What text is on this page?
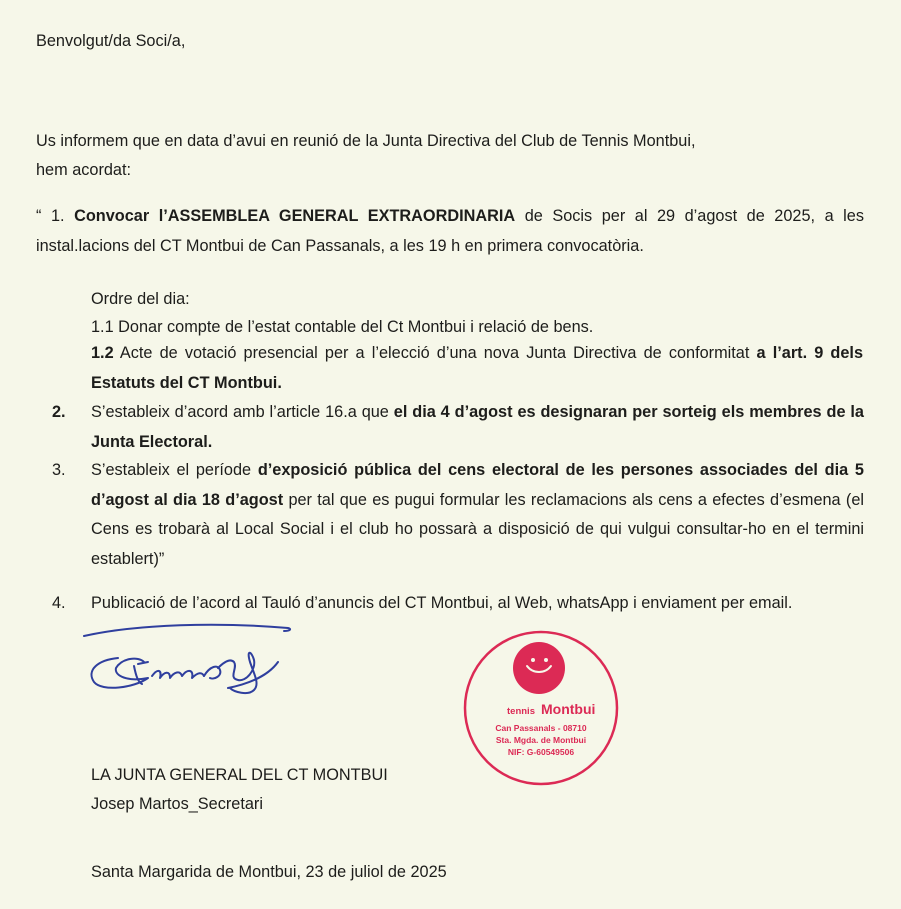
Benvolgut/da Soci/a,
Us informem que en data d’avui en reunió de la Junta Directiva del Club de Tennis Montbui,
hem acordat:
“ 1. Convocar l’ASSEMBLEA GENERAL EXTRAORDINARIA de Socis per al 29 d’agost de 2025, a les instal.lacions del CT Montbui de Can Passanals, a les 19 h en primera convocatòria.
Ordre del dia:
1.1 Donar compte de l’estat contable del Ct Montbui i relació de bens.
1.2 Acte de votació presencial per a l’elecció d’una nova Junta Directiva de conformitat a l’art. 9 dels Estatuts del CT Montbui.
2. S’estableix d’acord amb l’article 16.a que el dia 4 d’agost es designaran per sorteig els membres de la Junta Electoral.
3. S’estableix el període d’exposició pública del cens electoral de les persones associades del dia 5 d’agost al dia 18 d’agost per tal que es pugui formular les reclamacions als cens a efectes d’esmena (el Cens es trobarà al Local Social i el club ho possarà a disposició de qui vulgui consultar-ho en el termini establert)”
4. Publicació de l’acord al Tauló d’anuncis del CT Montbui, al Web, whatsApp i enviament per email.
LA JUNTA GENERAL DEL CT MONTBUI
Josep Martos_Secretari
tennis Montbui
Can Passanals - 08710
Sta. Mgda. de Montbui
NIF: G-60549506
Santa Margarida de Montbui, 23 de juliol de 2025
